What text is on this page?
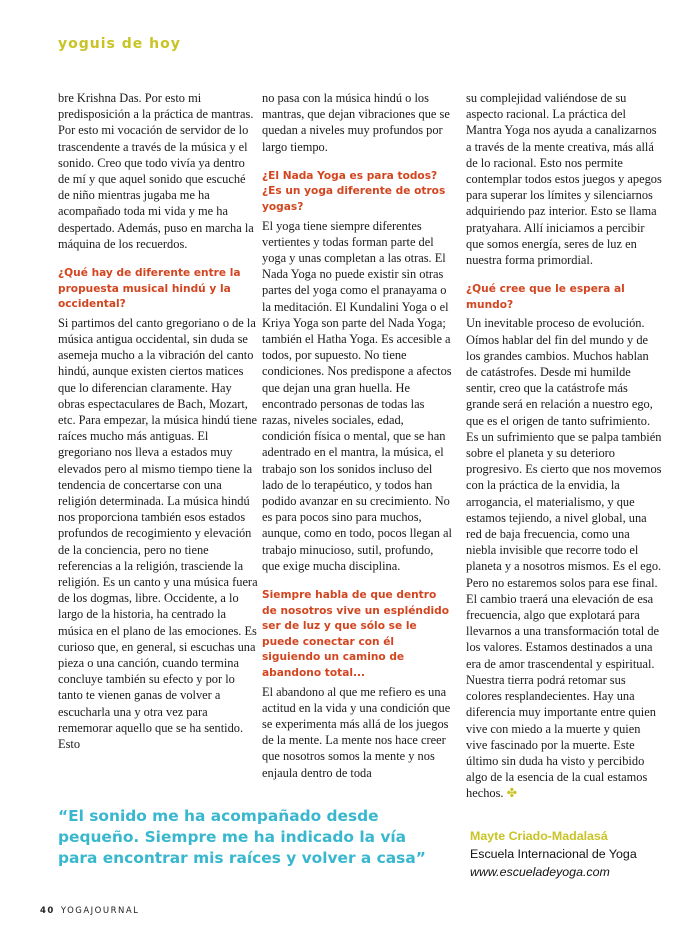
yoguis de hoy

bre Krishna Das. Por esto mi predisposición a la práctica de mantras. Por esto mi vocación de servidor de lo trascendente a través de la música y el sonido. Creo que todo vivía ya dentro de mí y que aquel sonido que escuché de niño mientras jugaba me ha acompañado toda mi vida y me ha despertado. Además, puso en marcha la máquina de los recuerdos.

¿Qué hay de diferente entre la propuesta musical hindú y la occidental?

Si partimos del canto gregoriano o de la música antigua occidental, sin duda se asemeja mucho a la vibración del canto hindú, aunque existen ciertos matices que lo diferencian claramente. Hay obras espectaculares de Bach, Mozart, etc. Para empezar, la música hindú tiene raíces mucho más antiguas. El gregoriano nos lleva a estados muy elevados pero al mismo tiempo tiene la tendencia de concertarse con una religión determinada. La música hindú nos proporciona también esos estados profundos de recogimiento y elevación de la conciencia, pero no tiene referencias a la religión, trasciende la religión. Es un canto y una música fuera de los dogmas, libre. Occidente, a lo largo de la historia, ha centrado la música en el plano de las emociones. Es curioso que, en general, si escuchas una pieza o una canción, cuando termina concluye también su efecto y por lo tanto te vienen ganas de volver a escucharla una y otra vez para rememorar aquello que se ha sentido. Esto

no pasa con la música hindú o los mantras, que dejan vibraciones que se quedan a niveles muy profundos por largo tiempo.

¿El Nada Yoga es para todos? ¿Es un yoga diferente de otros yogas?

El yoga tiene siempre diferentes vertientes y todas forman parte del yoga y unas completan a las otras. El Nada Yoga no puede existir sin otras partes del yoga como el pranayama o la meditación. El Kundalini Yoga o el Kriya Yoga son parte del Nada Yoga; también el Hatha Yoga. Es accesible a todos, por supuesto. No tiene condiciones. Nos predispone a afectos que dejan una gran huella. He encontrado personas de todas las razas, niveles sociales, edad, condición física o mental, que se han adentrado en el mantra, la música, el trabajo son los sonidos incluso del lado de lo terapéutico, y todos han podido avanzar en su crecimiento. No es para pocos sino para muchos, aunque, como en todo, pocos llegan al trabajo minucioso, sutil, profundo, que exige mucha disciplina.

Siempre habla de que dentro de nosotros vive un espléndido ser de luz y que sólo se le puede conectar con él siguiendo un camino de abandono total...

El abandono al que me refiero es una actitud en la vida y una condición que se experimenta más allá de los juegos de la mente. La mente nos hace creer que nosotros somos la mente y nos enjaula dentro de toda

su complejidad valiéndose de su aspecto racional. La práctica del Mantra Yoga nos ayuda a canalizarnos a través de la mente creativa, más allá de lo racional. Esto nos permite contemplar todos estos juegos y apegos para superar los límites y silenciarnos adquiriendo paz interior. Esto se llama pratyahara. Allí iniciamos a percibir que somos energía, seres de luz en nuestra forma primordial.

¿Qué cree que le espera al mundo?

Un inevitable proceso de evolución. Oímos hablar del fin del mundo y de los grandes cambios. Muchos hablan de catástrofes. Desde mi humilde sentir, creo que la catástrofe más grande será en relación a nuestro ego, que es el origen de tanto sufrimiento. Es un sufrimiento que se palpa también sobre el planeta y su deterioro progresivo. Es cierto que nos movemos con la práctica de la envidia, la arrogancia, el materialismo, y que estamos tejiendo, a nivel global, una red de baja frecuencia, como una niebla invisible que recorre todo el planeta y a nosotros mismos. Es el ego. Pero no estaremos solos para ese final. El cambio traerá una elevación de esa frecuencia, algo que explotará para llevarnos a una transformación total de los valores. Estamos destinados a una era de amor trascendental y espiritual. Nuestra tierra podrá retomar sus colores resplandecientes. Hay una diferencia muy importante entre quien vive con miedo a la muerte y quien vive fascinado por la muerte. Este último sin duda ha visto y percibido algo de la esencia de la cual estamos hechos. ✤

“El sonido me ha acompañado desde pequeño. Siempre me ha indicado la vía para encontrar mis raíces y volver a casa”
Mayte Criado-Madalasá
Escuela Internacional de Yoga
www.escueladeyoga.com
40 YOGAJOURNAL
